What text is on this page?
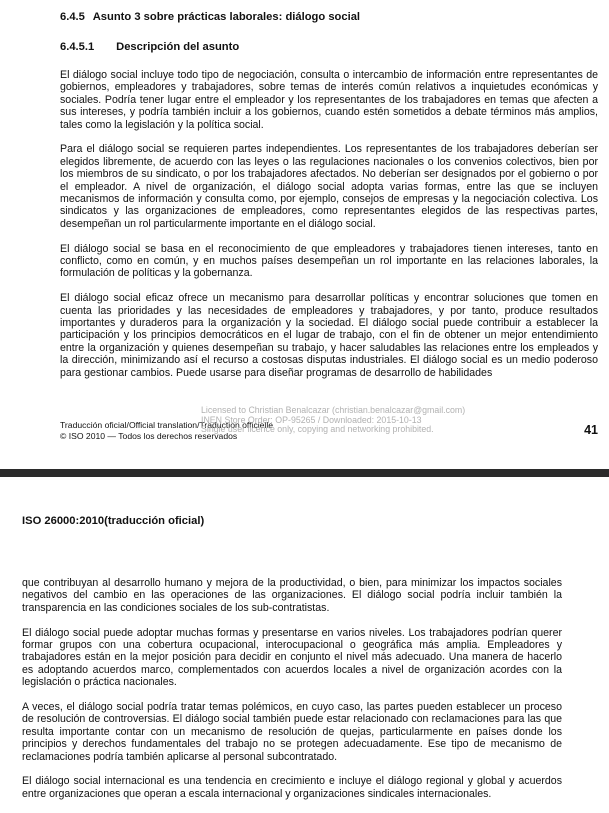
6.4.5 Asunto 3 sobre prácticas laborales: diálogo social
6.4.5.1 Descripción del asunto

El diálogo social incluye todo tipo de negociación, consulta o intercambio de información entre representantes de gobiernos, empleadores y trabajadores, sobre temas de interés común relativos a inquietudes económicas y sociales. Podría tener lugar entre el empleador y los representantes de los trabajadores en temas que afecten a sus intereses, y podría también incluir a los gobiernos, cuando estén sometidos a debate términos más amplios, tales como la legislación y la política social.

Para el diálogo social se requieren partes independientes. Los representantes de los trabajadores deberían ser elegidos libremente, de acuerdo con las leyes o las regulaciones nacionales o los convenios colectivos, bien por los miembros de su sindicato, o por los trabajadores afectados. No deberían ser designados por el gobierno o por el empleador. A nivel de organización, el diálogo social adopta varias formas, entre las que se incluyen mecanismos de información y consulta como, por ejemplo, consejos de empresas y la negociación colectiva. Los sindicatos y las organizaciones de empleadores, como representantes elegidos de las respectivas partes, desempeñan un rol particularmente importante en el diálogo social.

El diálogo social se basa en el reconocimiento de que empleadores y trabajadores tienen intereses, tanto en conflicto, como en común, y en muchos países desempeñan un rol importante en las relaciones laborales, la formulación de políticas y la gobernanza.

El diálogo social eficaz ofrece un mecanismo para desarrollar políticas y encontrar soluciones que tomen en cuenta las prioridades y las necesidades de empleadores y trabajadores, y por tanto, produce resultados importantes y duraderos para la organización y la sociedad. El diálogo social puede contribuir a establecer la participación y los principios democráticos en el lugar de trabajo, con el fin de obtener un mejor entendimiento entre la organización y quienes desempeñan su trabajo, y hacer saludables las relaciones entre los empleados y la dirección, minimizando así el recurso a costosas disputas industriales. El diálogo social es un medio poderoso para gestionar cambios. Puede usarse para diseñar programas de desarrollo de habilidades

Traducción oficial/Official translation/Traduction officielle
© ISO 2010 — Todos los derechos reservados
Licensed to Christian Benalcazar (christian.benalcazar@gmail.com)
INEN Store Order: OP-95265 / Downloaded: 2015-10-13
Single user licence only, copying and networking prohibited.	41
ISO 26000:2010(traducción oficial)

que contribuyan al desarrollo humano y mejora de la productividad, o bien, para minimizar los impactos sociales negativos del cambio en las operaciones de las organizaciones. El diálogo social podría incluir también la transparencia en las condiciones sociales de los sub-contratistas.

El diálogo social puede adoptar muchas formas y presentarse en varios niveles. Los trabajadores podrían querer formar grupos con una cobertura ocupacional, interocupacional o geográfica más amplia. Empleadores y trabajadores están en la mejor posición para decidir en conjunto el nivel más adecuado. Una manera de hacerlo es adoptando acuerdos marco, complementados con acuerdos locales a nivel de organización acordes con la legislación o práctica nacionales.

A veces, el diálogo social podría tratar temas polémicos, en cuyo caso, las partes pueden establecer un proceso de resolución de controversias. El diálogo social también puede estar relacionado con reclamaciones para las que resulta importante contar con un mecanismo de resolución de quejas, particularmente en países donde los principios y derechos fundamentales del trabajo no se protegen adecuadamente. Ese tipo de mecanismo de reclamaciones podría también aplicarse al personal subcontratado.

El diálogo social internacional es una tendencia en crecimiento e incluye el diálogo regional y global y acuerdos entre organizaciones que operan a escala internacional y organizaciones sindicales internacionales.
